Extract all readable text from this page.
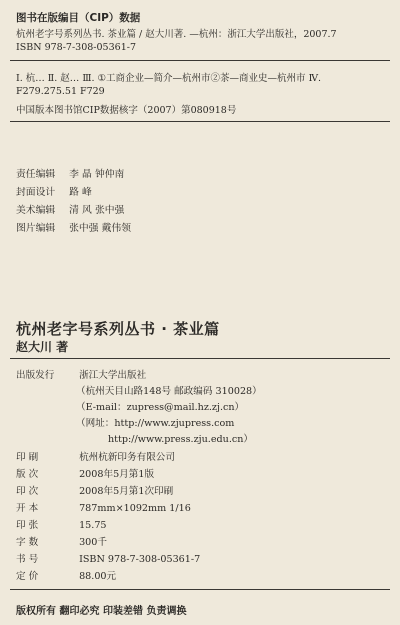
图书在版编目（CIP）数据
杭州老字号系列丛书. 茶业篇 / 赵大川著. —杭州：浙江大学出版社，2007.7
ISBN 978-7-308-05361-7
Ⅰ. 杭… Ⅱ. 赵… Ⅲ. ①工商企业—简介—杭州市②茶—商业史—杭州市 Ⅳ.
F279.275.51 F729
中国版本图书馆CIP数据核字（2007）第080918号
责任编辑 李 晶 钟仲南
封面设计 路 峰
美术编辑 清 风 张中强
图片编辑 张中强 戴伟领
杭州老字号系列丛书 · 茶业篇
赵大川 著
出版发行	浙江大学出版社
（杭州天目山路148号 邮政编码 310028）
（E-mail：zupress@mail.hz.zj.cn）
（网址：http://www.zjupress.com
http://www.press.zju.edu.cn）
印 刷	杭州杭新印务有限公司
版 次	2008年5月第1版
印 次	2008年5月第1次印刷
开 本	787mm×1092mm 1/16
印 张	15.75
字 数	300千
书 号	ISBN 978-7-308-05361-7
定 价	88.00元
版权所有 翻印必究 印装差错 负责调换
